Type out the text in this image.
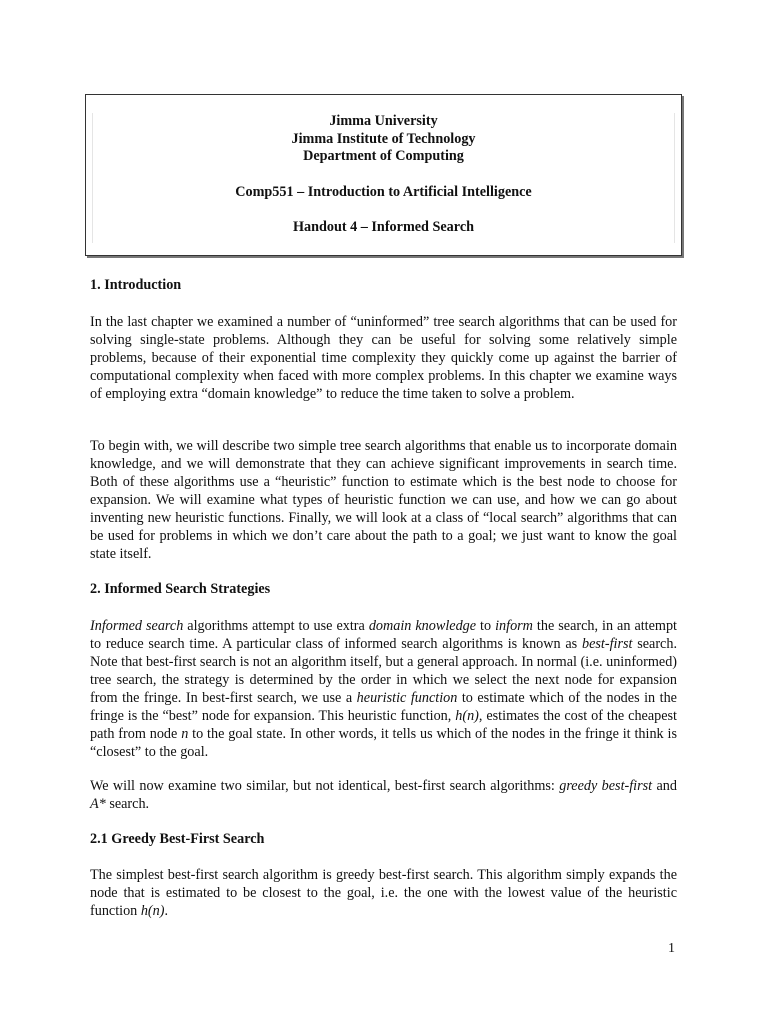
Jimma University
Jimma Institute of Technology
Department of Computing
Comp551 – Introduction to Artificial Intelligence
Handout 4 – Informed Search
1. Introduction

In the last chapter we examined a number of “uninformed” tree search algorithms that can be used for solving single-state problems. Although they can be useful for solving some relatively simple problems, because of their exponential time complexity they quickly come up against the barrier of computational complexity when faced with more complex problems. In this chapter we examine ways of employing extra “domain knowledge” to reduce the time taken to solve a problem.

To begin with, we will describe two simple tree search algorithms that enable us to incorporate domain knowledge, and we will demonstrate that they can achieve significant improvements in search time. Both of these algorithms use a “heuristic” function to estimate which is the best node to choose for expansion. We will examine what types of heuristic function we can use, and how we can go about inventing new heuristic functions. Finally, we will look at a class of “local search” algorithms that can be used for problems in which we don’t care about the path to a goal; we just want to know the goal state itself.

2. Informed Search Strategies

Informed search algorithms attempt to use extra domain knowledge to inform the search, in an attempt to reduce search time. A particular class of informed search algorithms is known as best-first search. Note that best-first search is not an algorithm itself, but a general approach. In normal (i.e. uninformed) tree search, the strategy is determined by the order in which we select the next node for expansion from the fringe. In best-first search, we use a heuristic function to estimate which of the nodes in the fringe is the “best” node for expansion. This heuristic function, h(n), estimates the cost of the cheapest path from node n to the goal state. In other words, it tells us which of the nodes in the fringe it think is “closest” to the goal.

We will now examine two similar, but not identical, best-first search algorithms: greedy best-first and A* search.

2.1 Greedy Best-First Search

The simplest best-first search algorithm is greedy best-first search. This algorithm simply expands the node that is estimated to be closest to the goal, i.e. the one with the lowest value of the heuristic function h(n).

1
